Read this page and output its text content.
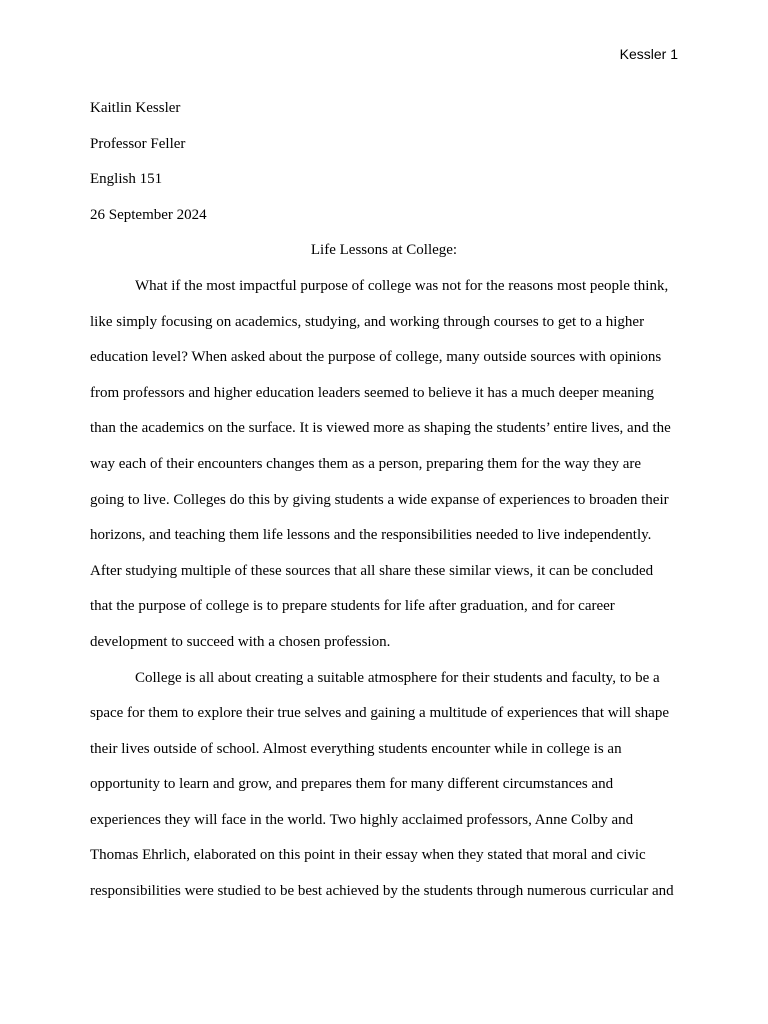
Kessler 1
Kaitlin Kessler
Professor Feller
English 151
26 September 2024
Life Lessons at College:
What if the most impactful purpose of college was not for the reasons most people think,
like simply focusing on academics, studying, and working through courses to get to a higher
education level? When asked about the purpose of college, many outside sources with opinions
from professors and higher education leaders seemed to believe it has a much deeper meaning
than the academics on the surface. It is viewed more as shaping the students’ entire lives, and the
way each of their encounters changes them as a person, preparing them for the way they are
going to live. Colleges do this by giving students a wide expanse of experiences to broaden their
horizons, and teaching them life lessons and the responsibilities needed to live independently.
After studying multiple of these sources that all share these similar views, it can be concluded
that the purpose of college is to prepare students for life after graduation, and for career
development to succeed with a chosen profession.
College is all about creating a suitable atmosphere for their students and faculty, to be a
space for them to explore their true selves and gaining a multitude of experiences that will shape
their lives outside of school. Almost everything students encounter while in college is an
opportunity to learn and grow, and prepares them for many different circumstances and
experiences they will face in the world. Two highly acclaimed professors, Anne Colby and
Thomas Ehrlich, elaborated on this point in their essay when they stated that moral and civic
responsibilities were studied to be best achieved by the students through numerous curricular and
